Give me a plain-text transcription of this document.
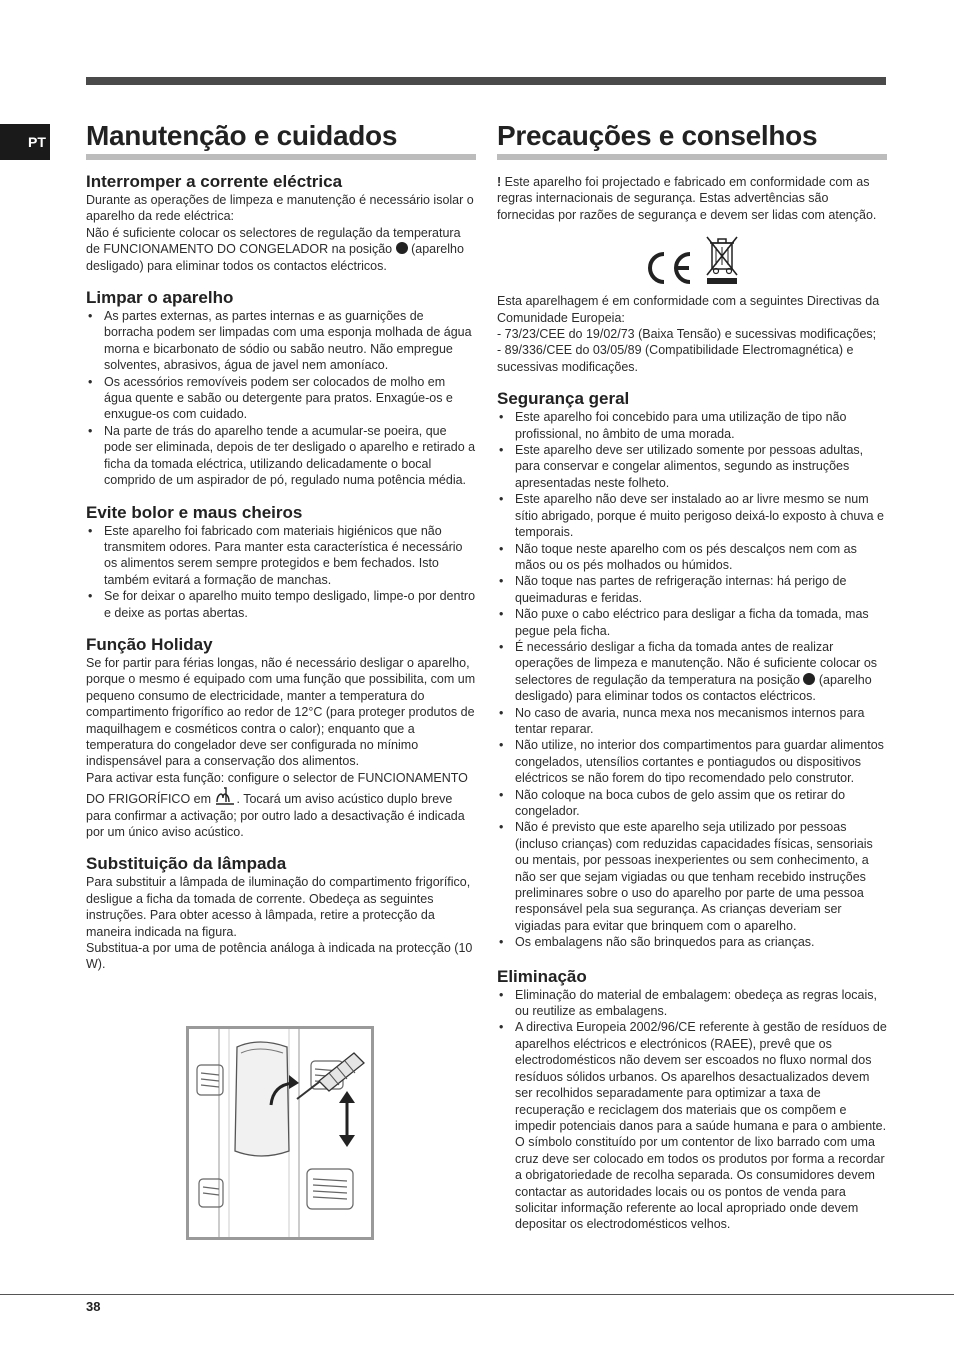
PT Manutenção e cuidados
Interromper a corrente eléctrica

Durante as operações de limpeza e manutenção é necessário isolar o aparelho da rede eléctrica:

Não é suficiente colocar os selectores de regulação da temperatura de FUNCIONAMENTO DO CONGELADOR na posição (aparelho desligado) para eliminar todos os contactos eléctricos.

Limpar o aparelho
• As partes externas, as partes internas e as guarnições de borracha podem ser limpadas com uma esponja molhada de água morna e bicarbonato de sódio ou sabão neutro. Não empregue solventes, abrasivos, água de javel nem amoníaco.
• Os acessórios removíveis podem ser colocados de molho em água quente e sabão ou detergente para pratos. Enxagúe-os e enxugue-os com cuidado.
• Na parte de trás do aparelho tende a acumular-se poeira, que pode ser eliminada, depois de ter desligado o aparelho e retirado a ficha da tomada eléctrica, utilizando delicadamente o bocal comprido de um aspirador de pó, regulado numa potência média.
Evite bolor e maus cheiros
• Este aparelho foi fabricado com materiais higiénicos que não transmitem odores. Para manter esta característica é necessário os alimentos serem sempre protegidos e bem fechados. Isto também evitará a formação de manchas.
• Se for deixar o aparelho muito tempo desligado, limpe-o por dentro e deixe as portas abertas.
Função Holiday

Se for partir para férias longas, não é necessário desligar o aparelho, porque o mesmo é equipado com uma função que possibilita, com um pequeno consumo de electricidade, manter a temperatura do compartimento frigorífico ao redor de 12°C (para proteger produtos de maquilhagem e cosméticos contra o calor); enquanto que a temperatura do congelador deve ser configurada no mínimo indispensável para a conservação dos alimentos.

Para activar esta função: configure o selector de FUNCIONAMENTO DO FRIGORÍFICO em . Tocará um aviso acústico duplo breve para confirmar a activação; por outro lado a desactivação é indicada por um único aviso acústico.

Substituição da lâmpada

Para substituir a lâmpada de iluminação do compartimento frigorífico, desligue a ficha da tomada de corrente. Obedeça as seguintes instruções. Para obter acesso à lâmpada, retire a protecção da maneira indicada na figura.

Substitua-a por uma de potência análoga à indicada na protecção (10 W).

Precauções e conselhos

! Este aparelho foi projectado e fabricado em conformidade com as regras internacionais de segurança. Estas advertências são fornecidas por razões de segurança e devem ser lidas com atenção.

Esta aparelhagem é em conformidade com a seguintes Directivas da Comunidade Europeia:

- 73/23/CEE do 19/02/73 (Baixa Tensão) e sucessivas modificações;

- 89/336/CEE do 03/05/89 (Compatibilidade Electromagnética) e sucessivas modificações.

Segurança geral
• Este aparelho foi concebido para uma utilização de tipo não profissional, no âmbito de uma morada.
• Este aparelho deve ser utilizado somente por pessoas adultas, para conservar e congelar alimentos, segundo as instruções apresentadas neste folheto.
• Este aparelho não deve ser instalado ao ar livre mesmo se num sítio abrigado, porque é muito perigoso deixá-lo exposto à chuva e temporais.
• Não toque neste aparelho com os pés descalços nem com as mãos ou os pés molhados ou húmidos.
• Não toque nas partes de refrigeração internas: há perigo de queimaduras e feridas.
• Não puxe o cabo eléctrico para desligar a ficha da tomada, mas pegue pela ficha.
• É necessário desligar a ficha da tomada antes de realizar operações de limpeza e manutenção. Não é suficiente colocar os selectores de regulação da temperatura na posição (aparelho desligado) para eliminar todos os contactos eléctricos.
• No caso de avaria, nunca mexa nos mecanismos internos para tentar reparar.
• Não utilize, no interior dos compartimentos para guardar alimentos congelados, utensílios cortantes e pontiagudos ou dispositivos eléctricos se não forem do tipo recomendado pelo construtor.
• Não coloque na boca cubos de gelo assim que os retirar do congelador.
• Não é previsto que este aparelho seja utilizado por pessoas (incluso crianças) com reduzidas capacidades físicas, sensoriais ou mentais, por pessoas inexperientes ou sem conhecimento, a não ser que sejam vigiadas ou que tenham recebido instruções preliminares sobre o uso do aparelho por parte de uma pessoa responsável pela sua segurança. As crianças deveriam ser vigiadas para evitar que brinquem com o aparelho.
• Os embalagens não são brinquedos para as crianças.
Eliminação
• Eliminação do material de embalagem: obedeça as regras locais, ou reutilize as embalagens.
• A directiva Europeia 2002/96/CE referente à gestão de resíduos de aparelhos eléctricos e electrónicos (RAEE), prevê que os electrodomésticos não devem ser escoados no fluxo normal dos resíduos sólidos urbanos. Os aparelhos desactualizados devem ser recolhidos separadamente para optimizar a taxa de recuperação e reciclagem dos materiais que os compõem e impedir potenciais danos para a saúde humana e para o ambiente. O símbolo constituído por um contentor de lixo barrado com uma cruz deve ser colocado em todos os produtos por forma a recordar a obrigatoriedade de recolha separada. Os consumidores devem contactar as autoridades locais ou os pontos de venda para solicitar informação referente ao local apropriado onde devem depositar os electrodomésticos velhos.
38
